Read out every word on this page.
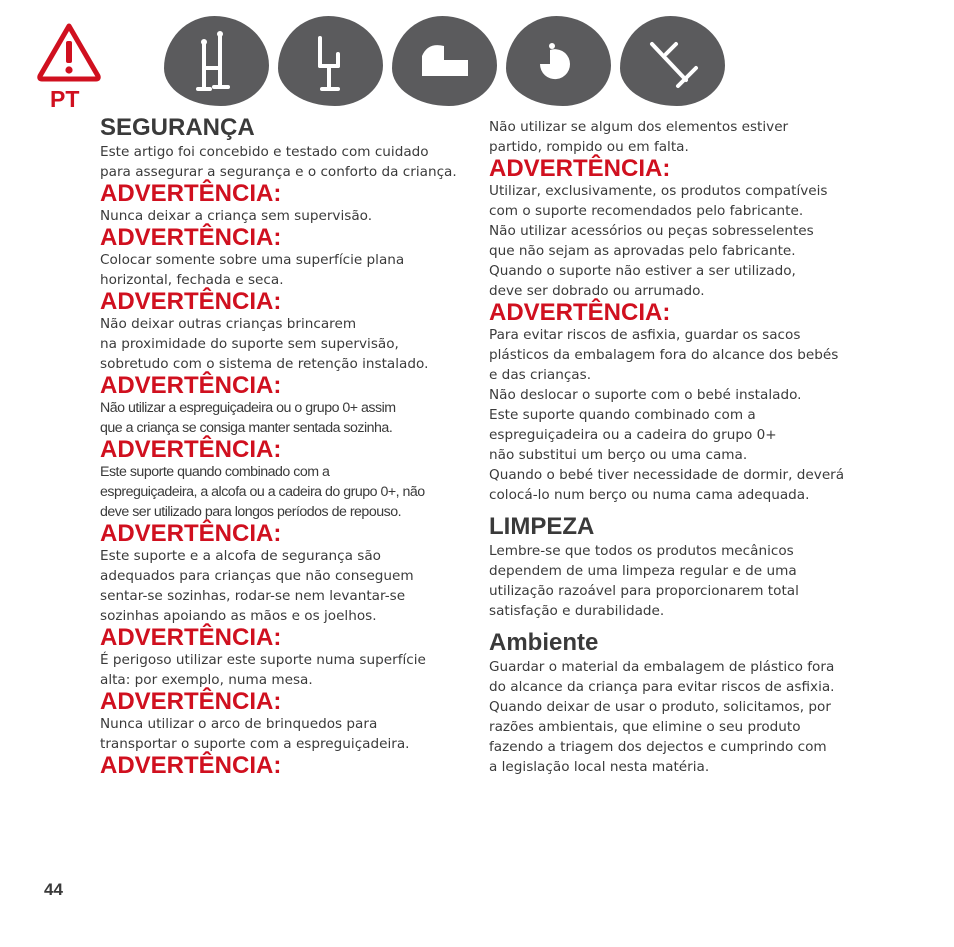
PT
SEGURANÇA

Este artigo foi concebido e testado com cuidado

para assegurar a segurança e o conforto da criança.

ADVERTÊNCIA:

Nunca deixar a criança sem supervisão.

ADVERTÊNCIA:

Colocar somente sobre uma superfície plana

horizontal, fechada e seca.

ADVERTÊNCIA:

Não deixar outras crianças brincarem

na proximidade do suporte sem supervisão,

sobretudo com o sistema de retenção instalado.

ADVERTÊNCIA:

Não utilizar a espreguiçadeira ou o grupo 0+ assim

que a criança se consiga manter sentada sozinha.

ADVERTÊNCIA:

Este suporte quando combinado com a

espreguiçadeira, a alcofa ou a cadeira do grupo 0+, não

deve ser utilizado para longos períodos de repouso.

ADVERTÊNCIA:

Este suporte e a alcofa de segurança são

adequados para crianças que não conseguem

sentar-se sozinhas, rodar-se nem levantar-se

sozinhas apoiando as mãos e os joelhos.

ADVERTÊNCIA:

É perigoso utilizar este suporte numa superfície

alta: por exemplo, numa mesa.

ADVERTÊNCIA:

Nunca utilizar o arco de brinquedos para

transportar o suporte com a espreguiçadeira.

ADVERTÊNCIA:

Não utilizar se algum dos elementos estiver

partido, rompido ou em falta.

ADVERTÊNCIA:

Utilizar, exclusivamente, os produtos compatíveis

com o suporte recomendados pelo fabricante.

Não utilizar acessórios ou peças sobresselentes

que não sejam as aprovadas pelo fabricante.

Quando o suporte não estiver a ser utilizado,

deve ser dobrado ou arrumado.

ADVERTÊNCIA:

Para evitar riscos de asfixia, guardar os sacos

plásticos da embalagem fora do alcance dos bebés

e das crianças.

Não deslocar o suporte com o bebé instalado.

Este suporte quando combinado com a

espreguiçadeira ou a cadeira do grupo 0+

não substitui um berço ou uma cama.

Quando o bebé tiver necessidade de dormir, deverá

colocá-lo num berço ou numa cama adequada.

LIMPEZA

Lembre-se que todos os produtos mecânicos

dependem de uma limpeza regular e de uma

utilização razoável para proporcionarem total

satisfação e durabilidade.

Ambiente

Guardar o material da embalagem de plástico fora

do alcance da criança para evitar riscos de asfixia.

Quando deixar de usar o produto, solicitamos, por

razões ambientais, que elimine o seu produto

fazendo a triagem dos dejectos e cumprindo com

a legislação local nesta matéria.

44
